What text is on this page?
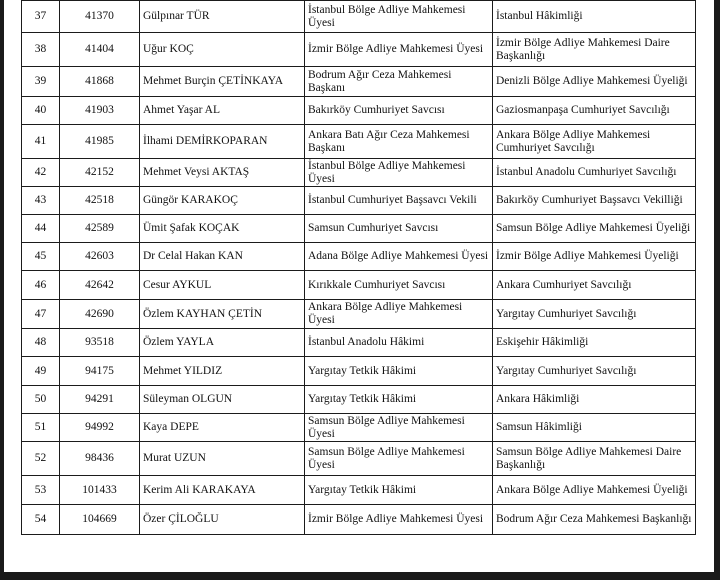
37	41370	Gülpınar TÜR	İstanbul Bölge Adliye Mahkemesi Üyesi	İstanbul Hâkimliği
38	41404	Uğur KOÇ	İzmir Bölge Adliye Mahkemesi Üyesi	İzmir Bölge Adliye Mahkemesi Daire Başkanlığı
39	41868	Mehmet Burçin ÇETİNKAYA	Bodrum Ağır Ceza Mahkemesi Başkanı	Denizli Bölge Adliye Mahkemesi Üyeliği
40	41903	Ahmet Yaşar AL	Bakırköy Cumhuriyet Savcısı	Gaziosmanpaşa Cumhuriyet Savcılığı
41	41985	İlhami DEMİRKOPARAN	Ankara Batı Ağır Ceza Mahkemesi Başkanı	Ankara Bölge Adliye Mahkemesi Cumhuriyet Savcılığı
42	42152	Mehmet Veysi AKTAŞ	İstanbul Bölge Adliye Mahkemesi Üyesi	İstanbul Anadolu Cumhuriyet Savcılığı
43	42518	Güngör KARAKOÇ	İstanbul Cumhuriyet Başsavcı Vekili	Bakırköy Cumhuriyet Başsavcı Vekilliği
44	42589	Ümit Şafak KOÇAK	Samsun Cumhuriyet Savcısı	Samsun Bölge Adliye Mahkemesi Üyeliği
45	42603	Dr Celal Hakan KAN	Adana Bölge Adliye Mahkemesi Üyesi	İzmir Bölge Adliye Mahkemesi Üyeliği
46	42642	Cesur AYKUL	Kırıkkale Cumhuriyet Savcısı	Ankara Cumhuriyet Savcılığı
47	42690	Özlem KAYHAN ÇETİN	Ankara Bölge Adliye Mahkemesi Üyesi	Yargıtay Cumhuriyet Savcılığı
48	93518	Özlem YAYLA	İstanbul Anadolu Hâkimi	Eskişehir Hâkimliği
49	94175	Mehmet YILDIZ	Yargıtay Tetkik Hâkimi	Yargıtay Cumhuriyet Savcılığı
50	94291	Süleyman OLGUN	Yargıtay Tetkik Hâkimi	Ankara Hâkimliği
51	94992	Kaya DEPE	Samsun Bölge Adliye Mahkemesi Üyesi	Samsun Hâkimliği
52	98436	Murat UZUN	Samsun Bölge Adliye Mahkemesi Üyesi	Samsun Bölge Adliye Mahkemesi Daire Başkanlığı
53	101433	Kerim Ali KARAKAYA	Yargıtay Tetkik Hâkimi	Ankara Bölge Adliye Mahkemesi Üyeliği
54	104669	Özer ÇİLOĞLU	İzmir Bölge Adliye Mahkemesi Üyesi	Bodrum Ağır Ceza Mahkemesi Başkanlığı
